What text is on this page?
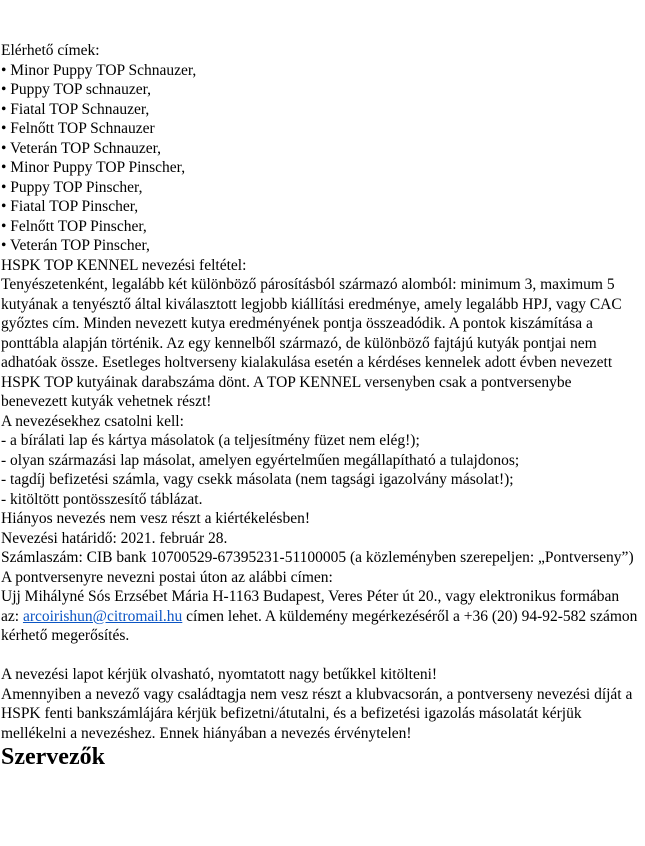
Elérhető címek:
• Minor Puppy TOP Schnauzer,
• Puppy TOP schnauzer,
• Fiatal TOP Schnauzer,
• Felnőtt TOP Schnauzer
• Veterán TOP Schnauzer,
• Minor Puppy TOP Pinscher,
• Puppy TOP Pinscher,
• Fiatal TOP Pinscher,
• Felnőtt TOP Pinscher,
• Veterán TOP Pinscher,
HSPK TOP KENNEL nevezési feltétel:
Tenyészetenként, legalább két különböző párosításból származó alomból: minimum 3, maximum 5 kutyának a tenyésztő által kiválasztott legjobb kiállítási eredménye, amely legalább HPJ, vagy CAC győztes cím. Minden nevezett kutya eredményének pontja összeadódik. A pontok kiszámítása a ponttábla alapján történik. Az egy kennelből származó, de különböző fajtájú kutyák pontjai nem adhatóak össze. Esetleges holtverseny kialakulása esetén a kérdéses kennelek adott évben nevezett HSPK TOP kutyáinak darabszáma dönt. A TOP KENNEL versenyben csak a pontversenybe benevezett kutyák vehetnek részt!
A nevezésekhez csatolni kell:
- a bírálati lap és kártya másolatok (a teljesítmény füzet nem elég!);
- olyan származási lap másolat, amelyen egyértelműen megállapítható a tulajdonos;
- tagdíj befizetési számla, vagy csekk másolata (nem tagsági igazolvány másolat!);
- kitöltött pontösszesítő táblázat.
Hiányos nevezés nem vesz részt a kiértékelésben!
Nevezési határidő: 2021. február 28.
Számlaszám: CIB bank 10700529-67395231-51100005 (a közleményben szerepeljen: „Pontverseny”)
A pontversenyre nevezni postai úton az alábbi címen:
Ujj Mihályné Sós Erzsébet Mária H-1163 Budapest, Veres Péter út 20., vagy elektronikus formában az: arcoirishun@citromail.hu címen lehet. A küldemény megérkezéséről a +36 (20) 94-92-582 számon kérhető megerősítés.
A nevezési lapot kérjük olvasható, nyomtatott nagy betűkkel kitölteni!
Amennyiben a nevező vagy családtagja nem vesz részt a klubvacsorán, a pontverseny nevezési díját a HSPK fenti bankszámlájára kérjük befizetni/átutalni, és a befizetési igazolás másolatát kérjük mellékelni a nevezéshez. Ennek hiányában a nevezés érvénytelen!
Szervezők
